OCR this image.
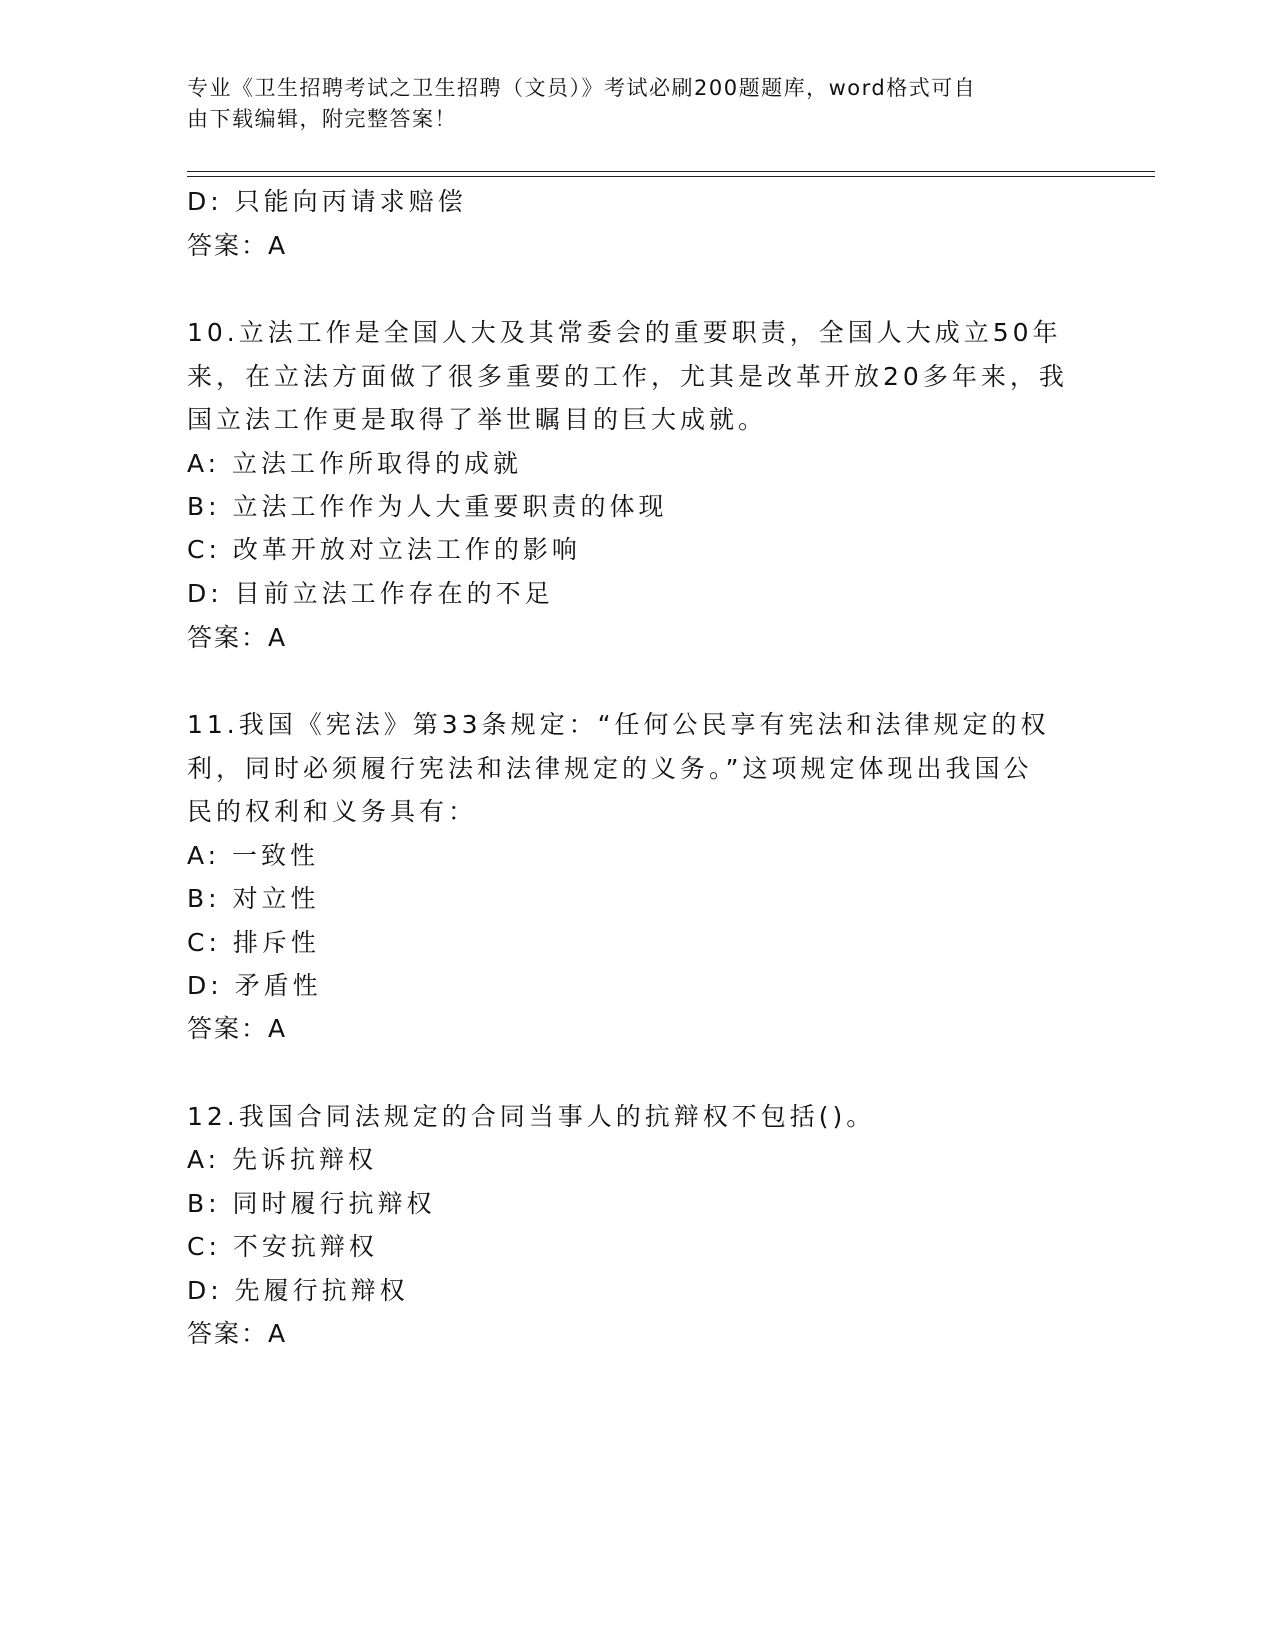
专业《卫生招聘考试之卫生招聘（文员）》考试必刷200题题库，word格式可自
由下载编辑，附完整答案！
D: 只能向丙请求赔偿
答案：A
10.立法工作是全国人大及其常委会的重要职责，全国人大成立50年
来，在立法方面做了很多重要的工作，尤其是改革开放20多年来，我
国立法工作更是取得了举世瞩目的巨大成就。
A: 立法工作所取得的成就
B: 立法工作作为人大重要职责的体现
C: 改革开放对立法工作的影响
D: 目前立法工作存在的不足
答案：A
11.我国《宪法》第33条规定：“任何公民享有宪法和法律规定的权
利，同时必须履行宪法和法律规定的义务。”这项规定体现出我国公
民的权利和义务具有：
A: 一致性
B: 对立性
C: 排斥性
D: 矛盾性
答案：A
12.我国合同法规定的合同当事人的抗辩权不包括()。
A: 先诉抗辩权
B: 同时履行抗辩权
C: 不安抗辩权
D: 先履行抗辩权
答案：A
